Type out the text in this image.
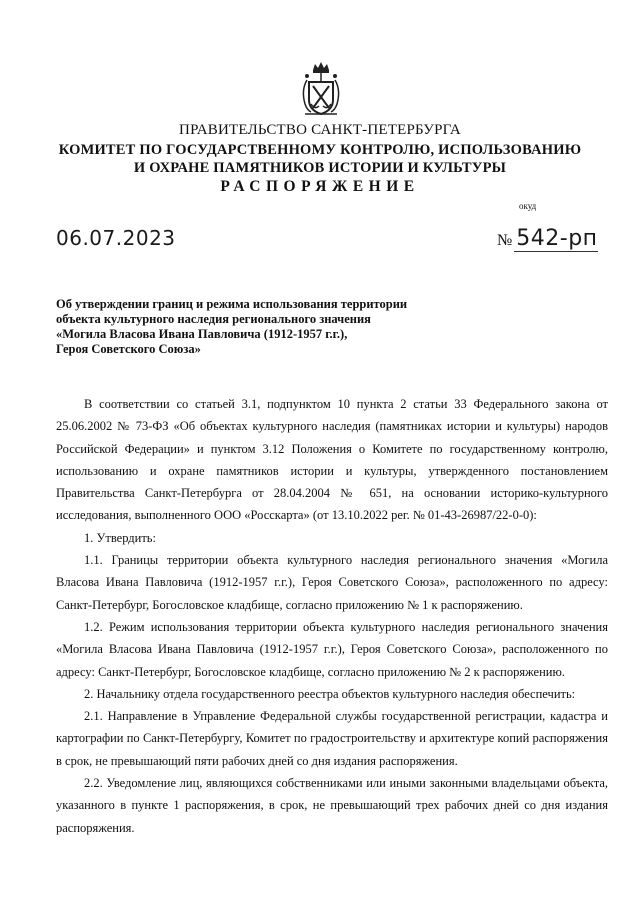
ПРАВИТЕЛЬСТВО САНКТ-ПЕТЕРБУРГА
КОМИТЕТ ПО ГОСУДАРСТВЕННОМУ КОНТРОЛЮ, ИСПОЛЬЗОВАНИЮ
И ОХРАНЕ ПАМЯТНИКОВ ИСТОРИИ И КУЛЬТУРЫ
РАСПОРЯЖЕНИЕ
окуд
06.07.2023	№ 542-рп
Об утверждении границ и режима использования территории
объекта культурного наследия регионального значения
«Могила Власова Ивана Павловича (1912-1957 г.г.),
Героя Советского Союза»

В соответствии со статьей 3.1, подпунктом 10 пункта 2 статьи 33 Федерального закона от 25.06.2002 № 73-ФЗ «Об объектах культурного наследия (памятниках истории и культуры) народов Российской Федерации» и пунктом 3.12 Положения о Комитете по государственному контролю, использованию и охране памятников истории и культуры, утвержденного постановлением Правительства Санкт-Петербурга от 28.04.2004 № 651, на основании историко-культурного исследования, выполненного ООО «Росскарта» (от 13.10.2022 рег. № 01-43-26987/22-0-0):

1. Утвердить:

1.1. Границы территории объекта культурного наследия регионального значения «Могила Власова Ивана Павловича (1912-1957 г.г.), Героя Советского Союза», расположенного по адресу: Санкт-Петербург, Богословское кладбище, согласно приложению № 1 к распоряжению.

1.2. Режим использования территории объекта культурного наследия регионального значения «Могила Власова Ивана Павловича (1912-1957 г.г.), Героя Советского Союза», расположенного по адресу: Санкт-Петербург, Богословское кладбище, согласно приложению № 2 к распоряжению.

2. Начальнику отдела государственного реестра объектов культурного наследия обеспечить:

2.1. Направление в Управление Федеральной службы государственной регистрации, кадастра и картографии по Санкт-Петербургу, Комитет по градостроительству и архитектуре копий распоряжения в срок, не превышающий пяти рабочих дней со дня издания распоряжения.

2.2. Уведомление лиц, являющихся собственниками или иными законными владельцами объекта, указанного в пункте 1 распоряжения, в срок, не превышающий трех рабочих дней со дня издания распоряжения.
